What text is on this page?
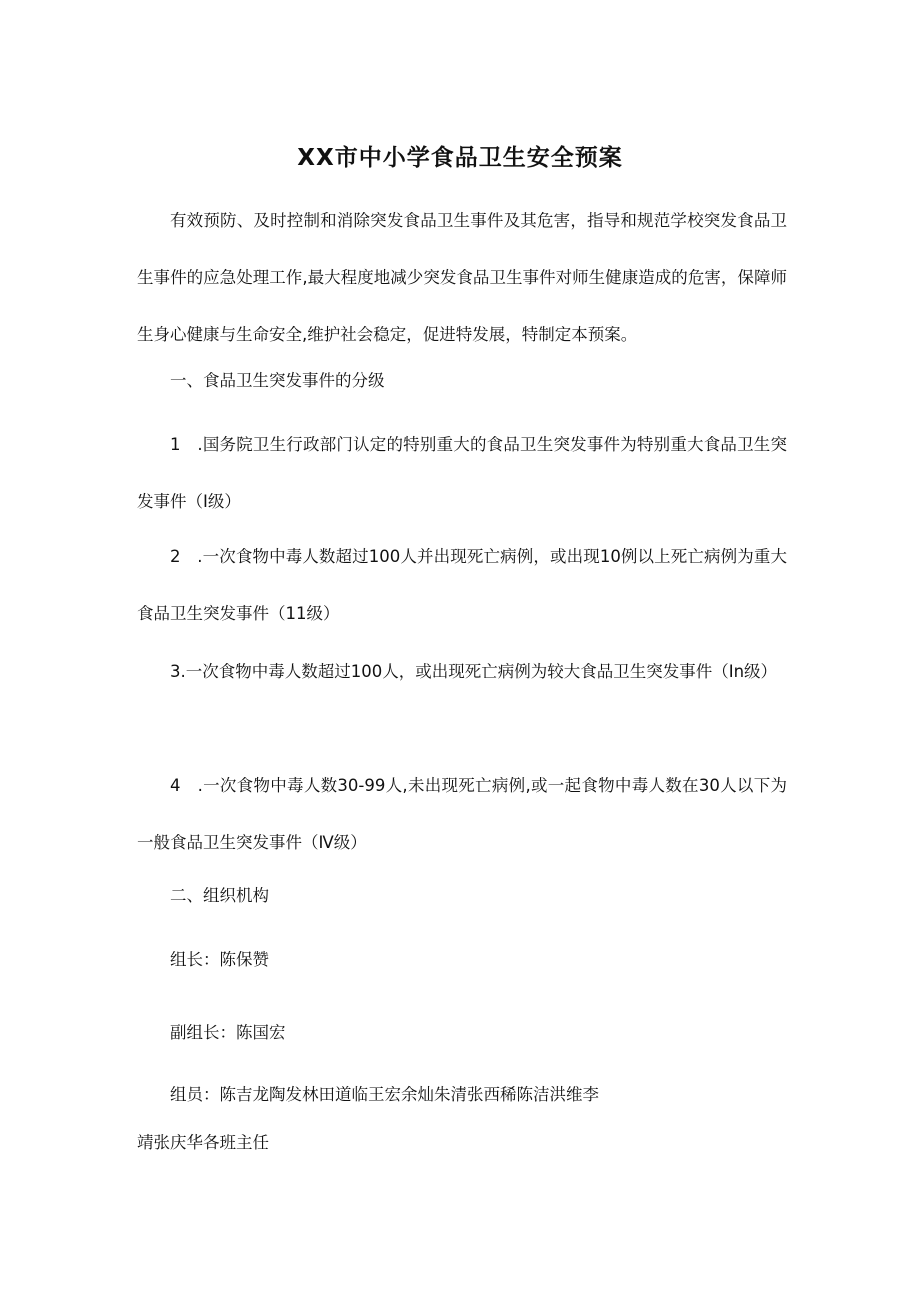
XX市中小学食品卫生安全预案

有效预防、及时控制和消除突发食品卫生事件及其危害，指导和规范学校突发食品卫生事件的应急处理工作,最大程度地减少突发食品卫生事件对师生健康造成的危害，保障师生身心健康与生命安全,维护社会稳定，促进特发展，特制定本预案。

一、食品卫生突发事件的分级

1　.国务院卫生行政部门认定的特别重大的食品卫生突发事件为特别重大食品卫生突发事件（Ⅰ级）

2　.一次食物中毒人数超过100人并出现死亡病例，或出现10例以上死亡病例为重大食品卫生突发事件（11级）

3.一次食物中毒人数超过100人，或出现死亡病例为较大食品卫生突发事件（In级）

4　.一次食物中毒人数30-99人,未出现死亡病例,或一起食物中毒人数在30人以下为一般食品卫生突发事件（Ⅳ级）

二、组织机构

组长：陈保赞

副组长：陈国宏

组员：陈吉龙陶发林田道临王宏余灿朱清张西稀陈洁洪维李

靖张庆华各班主任
